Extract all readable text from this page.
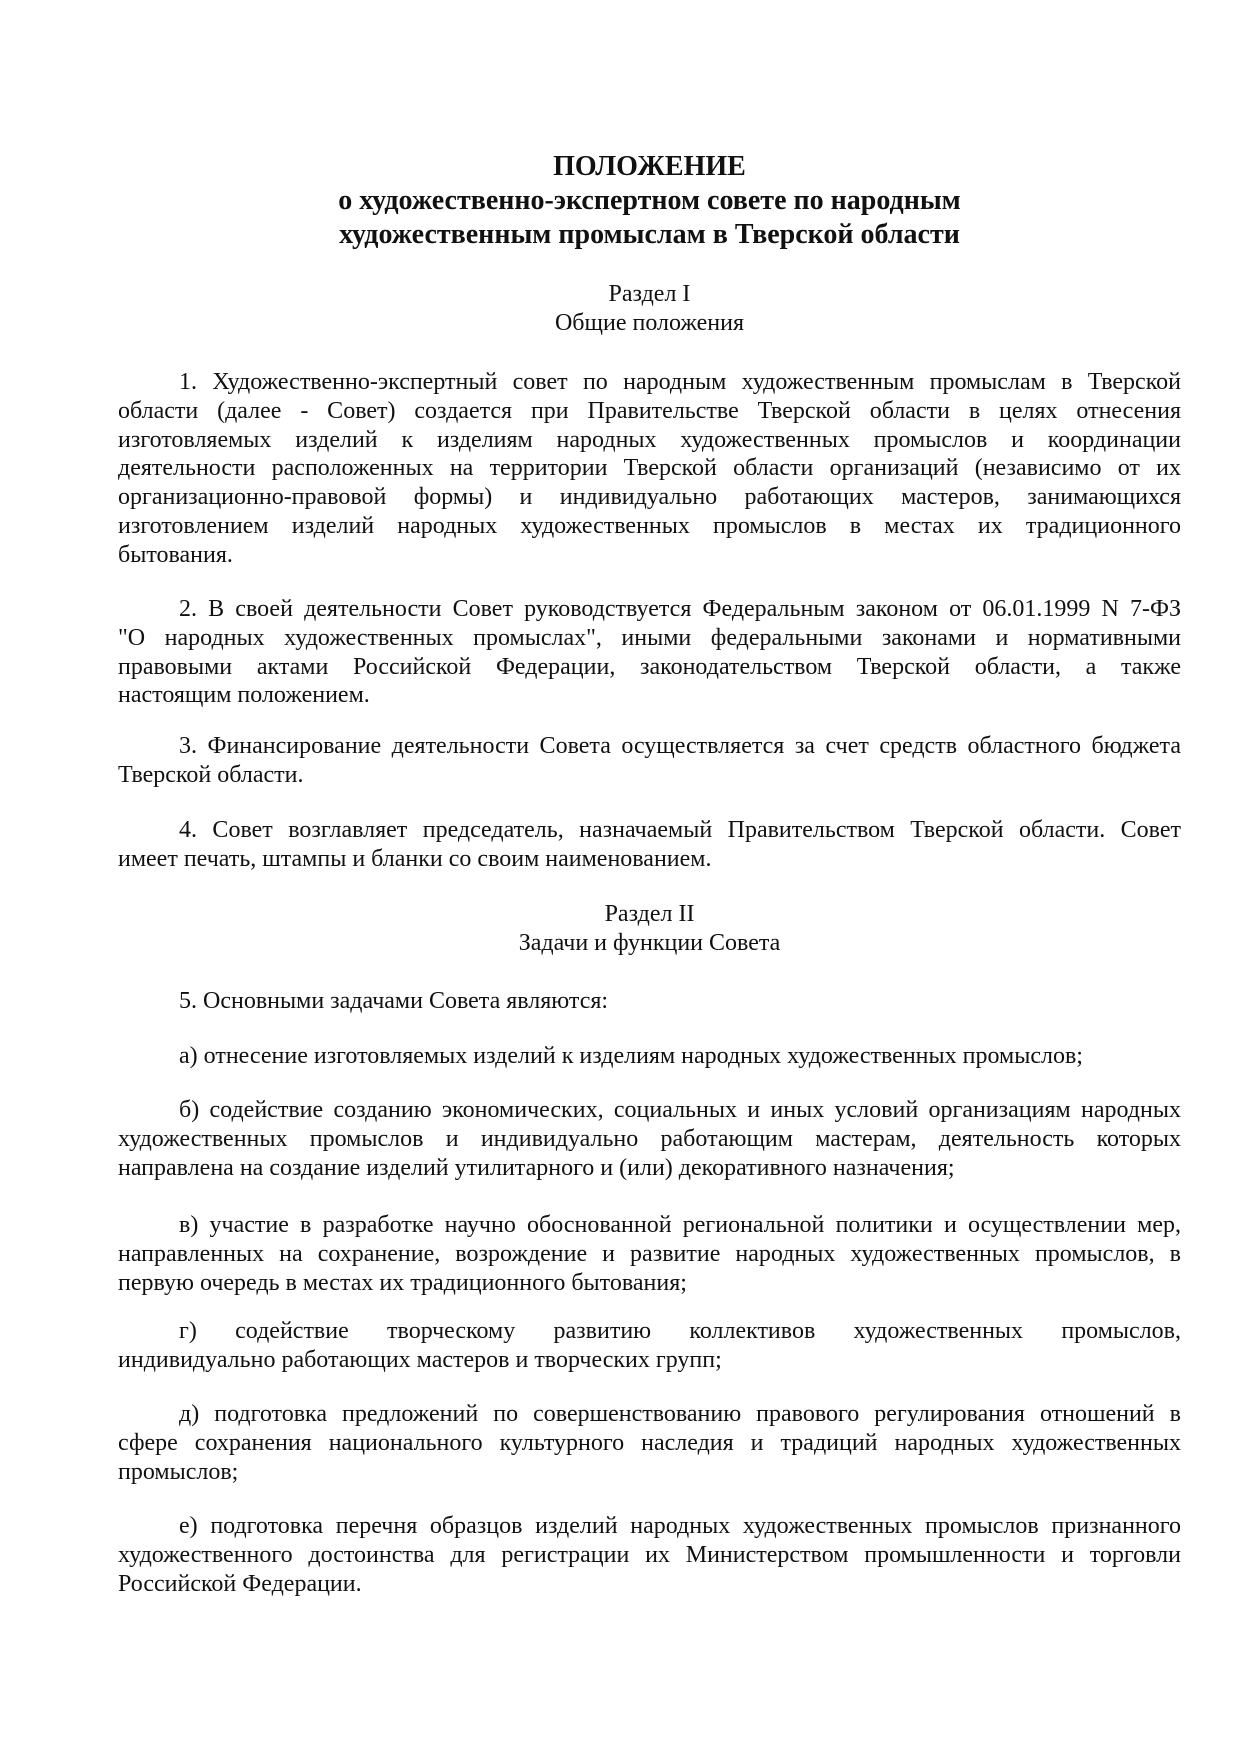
ПОЛОЖЕНИЕ
о художественно-экспертном совете по народным
художественным промыслам в Тверской области
Раздел I
Общие положения
1. Художественно-экспертный совет по народным художественным промыслам в Тверской
области (далее - Совет) создается при Правительстве Тверской области в целях отнесения
изготовляемых изделий к изделиям народных художественных промыслов и координации
деятельности расположенных на территории Тверской области организаций (независимо от их
организационно-правовой формы) и индивидуально работающих мастеров, занимающихся
изготовлением изделий народных художественных промыслов в местах их традиционного
бытования.
2. В своей деятельности Совет руководствуется Федеральным законом от 06.01.1999 N 7-ФЗ
"О народных художественных промыслах", иными федеральными законами и нормативными
правовыми актами Российской Федерации, законодательством Тверской области, а также
настоящим положением.
3. Финансирование деятельности Совета осуществляется за счет средств областного бюджета
Тверской области.
4. Совет возглавляет председатель, назначаемый Правительством Тверской области. Совет
имеет печать, штампы и бланки со своим наименованием.
Раздел II
Задачи и функции Совета
5. Основными задачами Совета являются:
а) отнесение изготовляемых изделий к изделиям народных художественных промыслов;
б) содействие созданию экономических, социальных и иных условий организациям народных
художественных промыслов и индивидуально работающим мастерам, деятельность которых
направлена на создание изделий утилитарного и (или) декоративного назначения;
в) участие в разработке научно обоснованной региональной политики и осуществлении мер,
направленных на сохранение, возрождение и развитие народных художественных промыслов, в
первую очередь в местах их традиционного бытования;
г) содействие творческому развитию коллективов художественных промыслов,
индивидуально работающих мастеров и творческих групп;
д) подготовка предложений по совершенствованию правового регулирования отношений в
сфере сохранения национального культурного наследия и традиций народных художественных
промыслов;
е) подготовка перечня образцов изделий народных художественных промыслов признанного
художественного достоинства для регистрации их Министерством промышленности и торговли
Российской Федерации.
